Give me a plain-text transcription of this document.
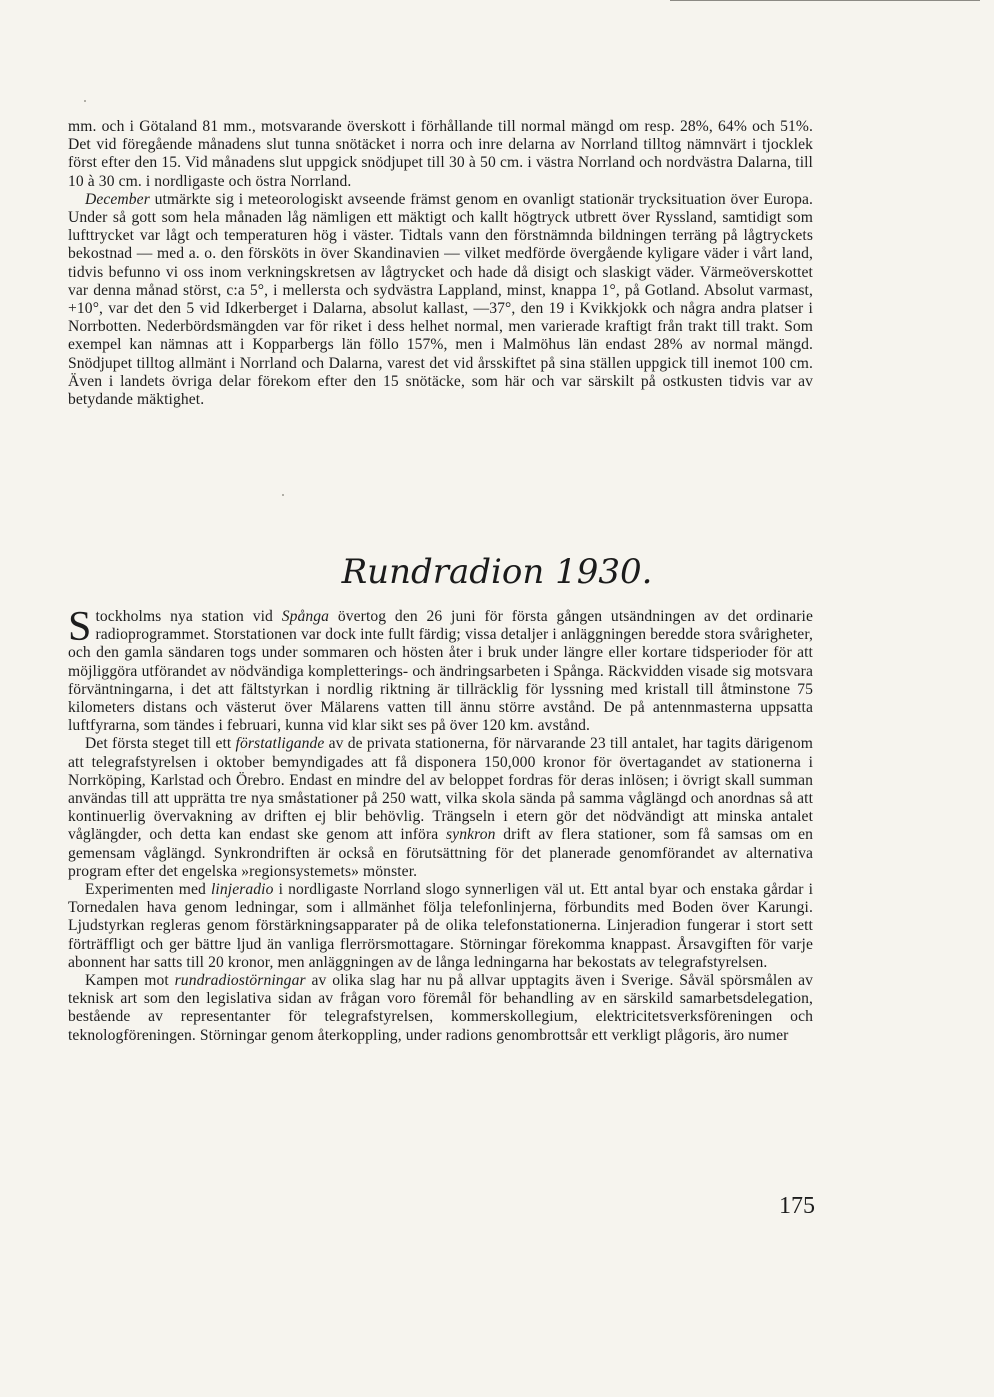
mm. och i Götaland 81 mm., motsvarande överskott i förhållande till normal mängd om resp. 28%, 64% och 51%. Det vid föregående månadens slut tunna snötäcket i norra och inre delarna av Norrland tilltog nämnvärt i tjocklek först efter den 15. Vid månadens slut uppgick snödjupet till 30 à 50 cm. i västra Norrland och nordvästra Dalarna, till 10 à 30 cm. i nordligaste och östra Norrland.

December utmärkte sig i meteorologiskt avseende främst genom en ovanligt stationär trycksituation över Europa. Under så gott som hela månaden låg nämligen ett mäktigt och kallt högtryck utbrett över Ryssland, samtidigt som lufttrycket var lågt och temperaturen hög i väster. Tidtals vann den förstnämnda bildningen terräng på lågtryckets bekostnad — med a. o. den försköts in över Skandinavien — vilket medförde övergående kyligare väder i vårt land, tidvis befunno vi oss inom verkningskretsen av lågtrycket och hade då disigt och slaskigt väder. Värmeöverskottet var denna månad störst, c:a 5°, i mellersta och sydvästra Lappland, minst, knappa 1°, på Gotland. Absolut varmast, +10°, var det den 5 vid Idkerberget i Dalarna, absolut kallast, —37°, den 19 i Kvikkjokk och några andra platser i Norrbotten. Nederbördsmängden var för riket i dess helhet normal, men varierade kraftigt från trakt till trakt. Som exempel kan nämnas att i Kopparbergs län föllo 157%, men i Malmöhus län endast 28% av normal mängd. Snödjupet tilltog allmänt i Norrland och Dalarna, varest det vid årsskiftet på sina ställen uppgick till inemot 100 cm. Även i landets övriga delar förekom efter den 15 snötäcke, som här och var särskilt på ostkusten tidvis var av betydande mäktighet.

Rundradion 1930.

Stockholms nya station vid Spånga övertog den 26 juni för första gången utsändningen av det ordinarie radioprogrammet. Storstationen var dock inte fullt färdig; vissa detaljer i anläggningen beredde stora svårigheter, och den gamla sändaren togs under sommaren och hösten åter i bruk under längre eller kortare tidsperioder för att möjliggöra utförandet av nödvändiga kompletterings- och ändringsarbeten i Spånga. Räckvidden visade sig motsvara förväntningarna, i det att fältstyrkan i nordlig riktning är tillräcklig för lyssning med kristall till åtminstone 75 kilometers distans och västerut över Mälarens vatten till ännu större avstånd. De på antennmasterna uppsatta luftfyrarna, som tändes i februari, kunna vid klar sikt ses på över 120 km. avstånd.

Det första steget till ett förstatligande av de privata stationerna, för närvarande 23 till antalet, har tagits därigenom att telegrafstyrelsen i oktober bemyndigades att få disponera 150,000 kronor för övertagandet av stationerna i Norrköping, Karlstad och Örebro. Endast en mindre del av beloppet fordras för deras inlösen; i övrigt skall summan användas till att upprätta tre nya småstationer på 250 watt, vilka skola sända på samma våglängd och anordnas så att kontinuerlig övervakning av driften ej blir behövlig. Trängseln i etern gör det nödvändigt att minska antalet våglängder, och detta kan endast ske genom att införa synkron drift av flera stationer, som få samsas om en gemensam våglängd. Synkrondriften är också en förutsättning för det planerade genomförandet av alternativa program efter det engelska »regionsystemets» mönster.

Experimenten med linjeradio i nordligaste Norrland slogo synnerligen väl ut. Ett antal byar och enstaka gårdar i Tornedalen hava genom ledningar, som i allmänhet följa telefonlinjerna, förbundits med Boden över Karungi. Ljudstyrkan regleras genom förstärkningsapparater på de olika telefonstationerna. Linjeradion fungerar i stort sett förträffligt och ger bättre ljud än vanliga flerrörsmottagare. Störningar förekomma knappast. Årsavgiften för varje abonnent har satts till 20 kronor, men anläggningen av de långa ledningarna har bekostats av telegrafstyrelsen.

Kampen mot rundradiostörningar av olika slag har nu på allvar upptagits även i Sverige. Såväl spörsmålen av teknisk art som den legislativa sidan av frågan voro föremål för behandling av en särskild samarbetsdelegation, bestående av representanter för telegrafstyrelsen, kommerskollegium, elektricitetsverksföreningen och teknologföreningen. Störningar genom återkoppling, under radions genombrottsår ett verkligt plågoris, äro numer

175
